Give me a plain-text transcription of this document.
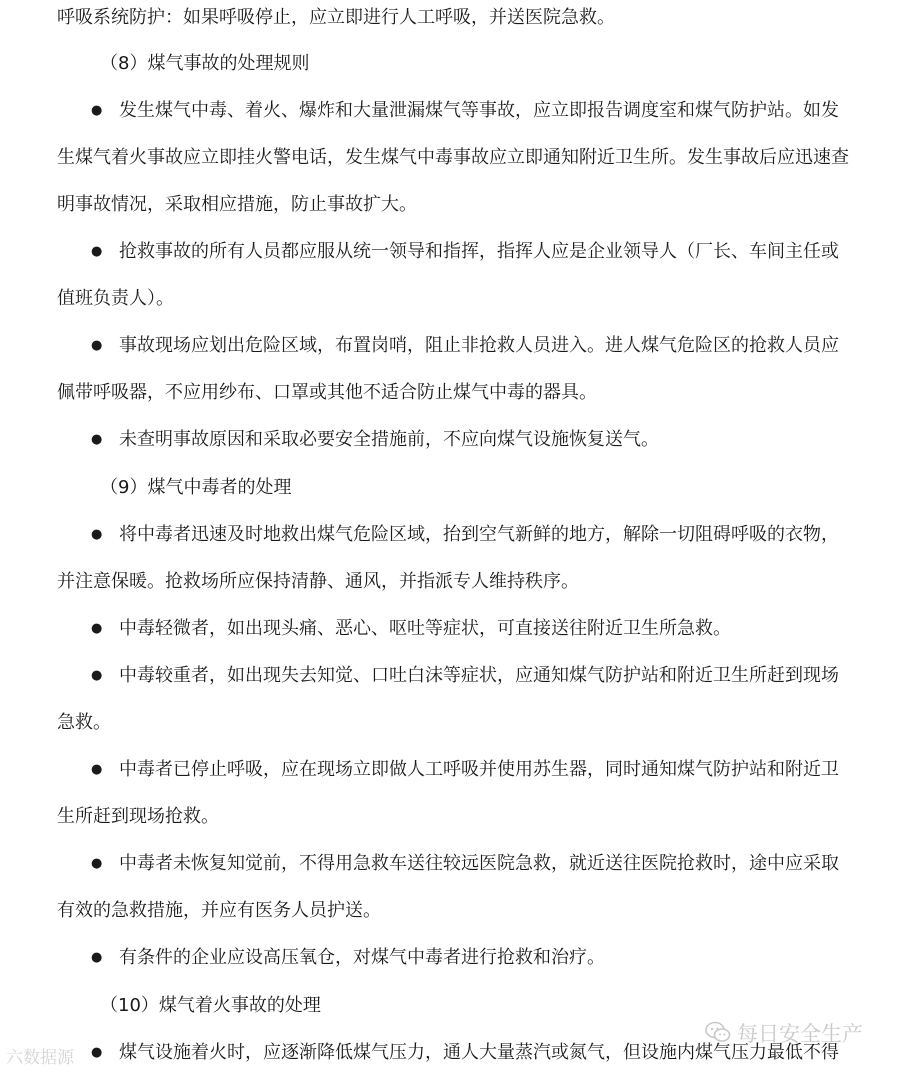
呼吸系统防护：如果呼吸停止，应立即进行人工呼吸，并送医院急救。
（8）煤气事故的处理规则
● 发生煤气中毒、着火、爆炸和大量泄漏煤气等事故，应立即报告调度室和煤气防护站。如发
生煤气着火事故应立即挂火警电话，发生煤气中毒事故应立即通知附近卫生所。发生事故后应迅速查
明事故情况，采取相应措施，防止事故扩大。
● 抢救事故的所有人员都应服从统一领导和指挥，指挥人应是企业领导人（厂长、车间主任或
值班负责人）。
● 事故现场应划出危险区域，布置岗哨，阻止非抢救人员进入。进人煤气危险区的抢救人员应
佩带呼吸器，不应用纱布、口罩或其他不适合防止煤气中毒的器具。
● 未查明事故原因和采取必要安全措施前，不应向煤气设施恢复送气。
（9）煤气中毒者的处理
● 将中毒者迅速及时地救出煤气危险区域，抬到空气新鲜的地方，解除一切阻碍呼吸的衣物，
并注意保暖。抢救场所应保持清静、通风，并指派专人维持秩序。
● 中毒轻微者，如出现头痛、恶心、呕吐等症状，可直接送往附近卫生所急救。
● 中毒较重者，如出现失去知觉、口吐白沫等症状，应通知煤气防护站和附近卫生所赶到现场
急救。
● 中毒者已停止呼吸，应在现场立即做人工呼吸并使用苏生器，同时通知煤气防护站和附近卫
生所赶到现场抢救。
● 中毒者未恢复知觉前，不得用急救车送往较远医院急救，就近送往医院抢救时，途中应采取
有效的急救措施，并应有医务人员护送。
● 有条件的企业应设高压氧仓，对煤气中毒者进行抢救和治疗。
（10）煤气着火事故的处理
● 煤气设施着火时，应逐渐降低煤气压力，通人大量蒸汽或氮气，但设施内煤气压力最低不得
每日安全生产
六数据源
